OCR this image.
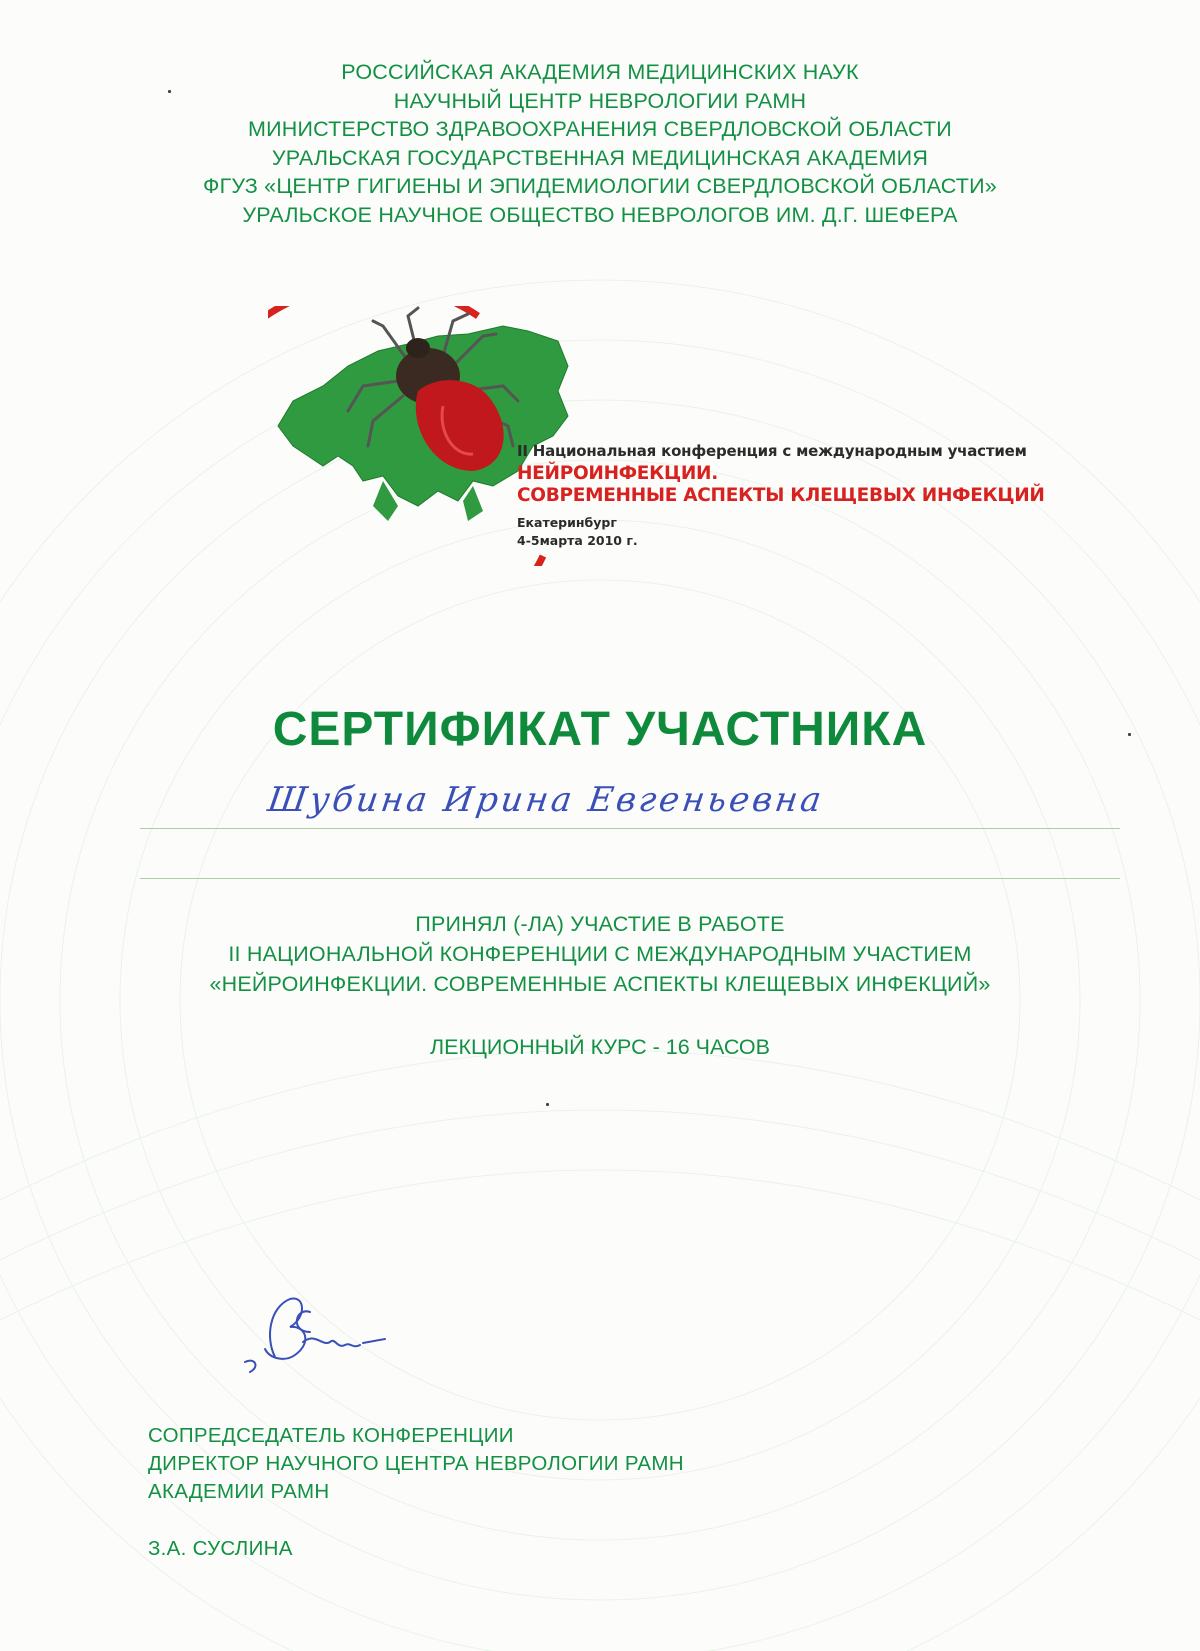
РОССИЙСКАЯ АКАДЕМИЯ МЕДИЦИНСКИХ НАУК
НАУЧНЫЙ ЦЕНТР НЕВРОЛОГИИ РАМН
МИНИСТЕРСТВО ЗДРАВООХРАНЕНИЯ СВЕРДЛОВСКОЙ ОБЛАСТИ
УРАЛЬСКАЯ ГОСУДАРСТВЕННАЯ МЕДИЦИНСКАЯ АКАДЕМИЯ
ФГУЗ «ЦЕНТР ГИГИЕНЫ И ЭПИДЕМИОЛОГИИ СВЕРДЛОВСКОЙ ОБЛАСТИ»
УРАЛЬСКОЕ НАУЧНОЕ ОБЩЕСТВО НЕВРОЛОГОВ ИМ. Д.Г. ШЕФЕРА
II Национальная конференция с международным участием
НЕЙРОИНФЕКЦИИ.
СОВРЕМЕННЫЕ АСПЕКТЫ КЛЕЩЕВЫХ ИНФЕКЦИЙ
Екатеринбург
4-5марта 2010 г.
СЕРТИФИКАТ УЧАСТНИКА
Шубина Ирина Евгеньевна
ПРИНЯЛ (-ЛА) УЧАСТИЕ В РАБОТЕ
II НАЦИОНАЛЬНОЙ КОНФЕРЕНЦИИ С МЕЖДУНАРОДНЫМ УЧАСТИЕМ
«НЕЙРОИНФЕКЦИИ. СОВРЕМЕННЫЕ АСПЕКТЫ КЛЕЩЕВЫХ ИНФЕКЦИЙ»
ЛЕКЦИОННЫЙ КУРС - 16 ЧАСОВ
СОПРЕДСЕДАТЕЛЬ КОНФЕРЕНЦИИ
ДИРЕКТОР НАУЧНОГО ЦЕНТРА НЕВРОЛОГИИ РАМН
АКАДЕМИИ РАМН
З.А. СУСЛИНА
